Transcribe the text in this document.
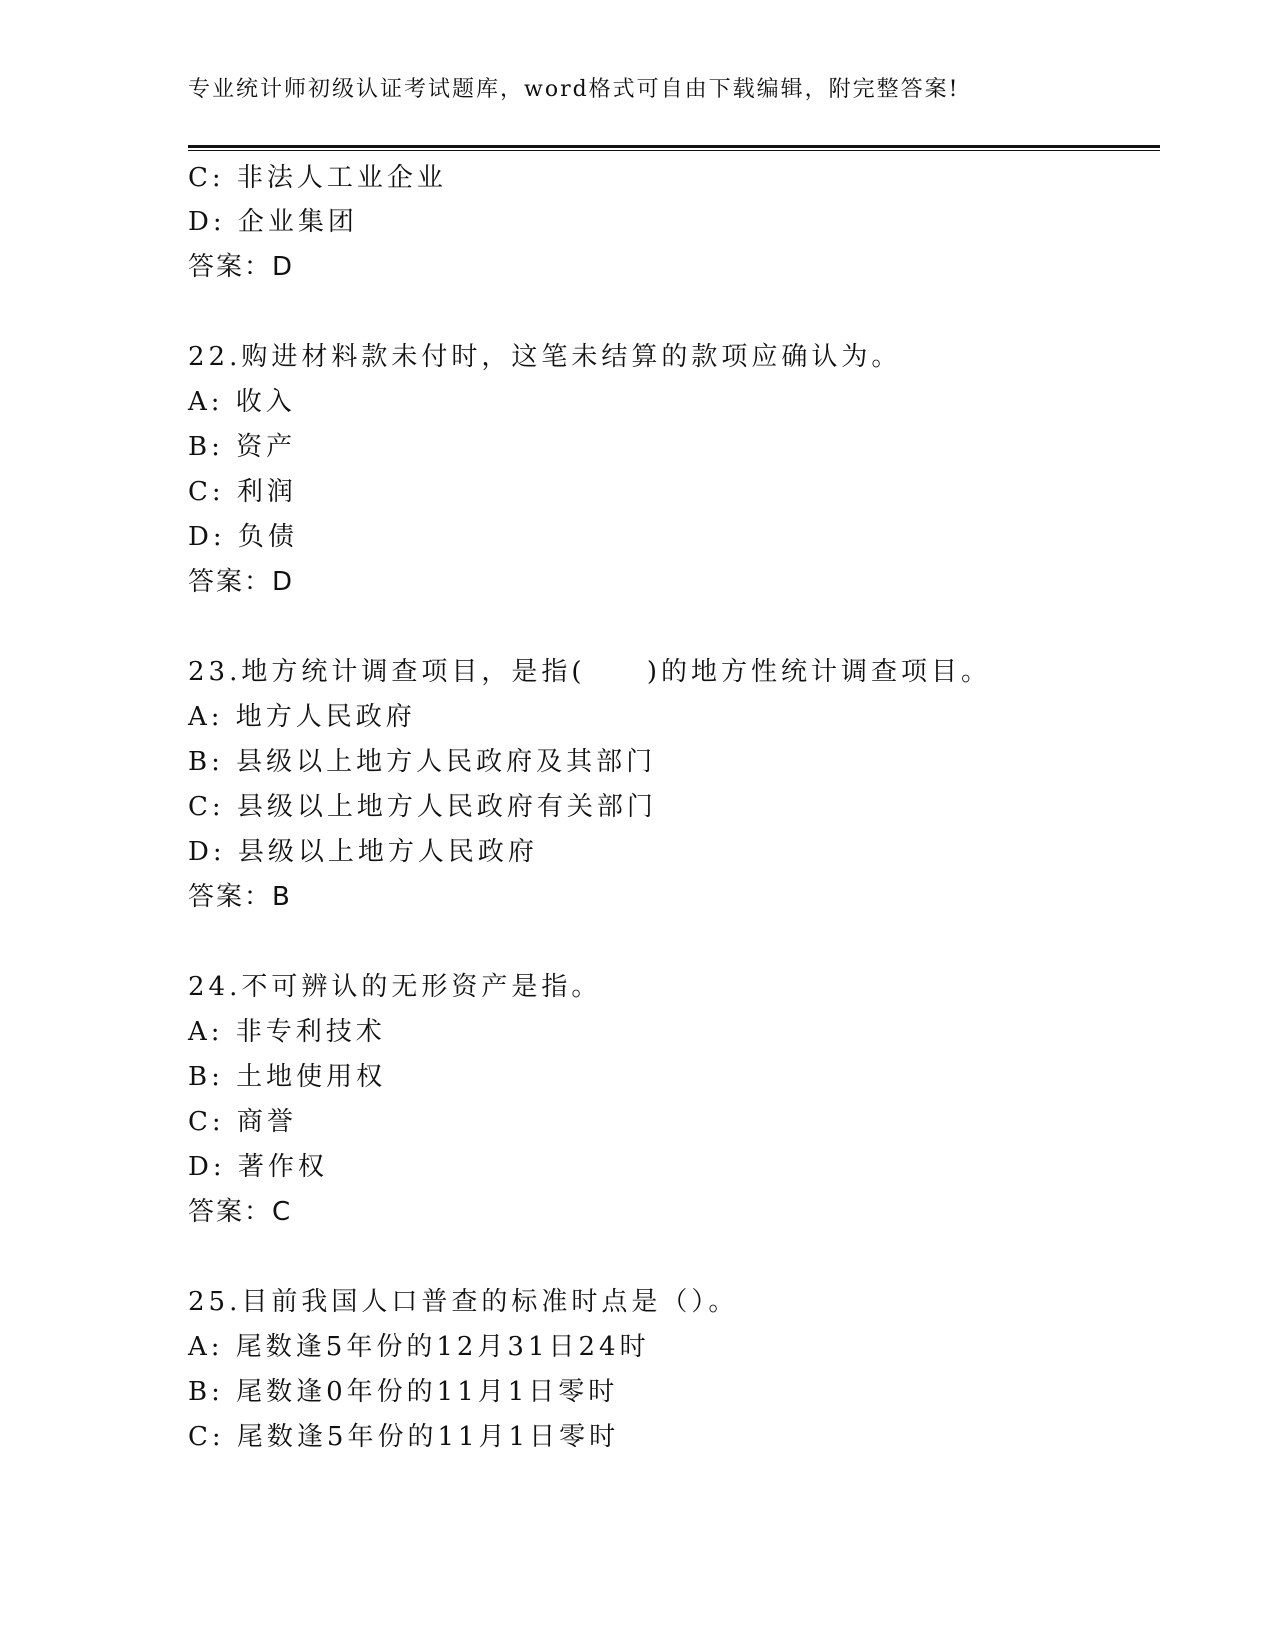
专业统计师初级认证考试题库，word格式可自由下载编辑，附完整答案!
C: 非法人工业企业
D: 企业集团
答案：D
22.购进材料款未付时，这笔未结算的款项应确认为。
A: 收入
B: 资产
C: 利润
D: 负债
答案：D
23.地方统计调查项目，是指(     )的地方性统计调查项目。
A: 地方人民政府
B: 县级以上地方人民政府及其部门
C: 县级以上地方人民政府有关部门
D: 县级以上地方人民政府
答案：B
24.不可辨认的无形资产是指。
A: 非专利技术
B: 土地使用权
C: 商誉
D: 著作权
答案：C
25.目前我国人口普查的标准时点是（）。
A: 尾数逢5年份的12月31日24时
B: 尾数逢0年份的11月1日零时
C: 尾数逢5年份的11月1日零时
